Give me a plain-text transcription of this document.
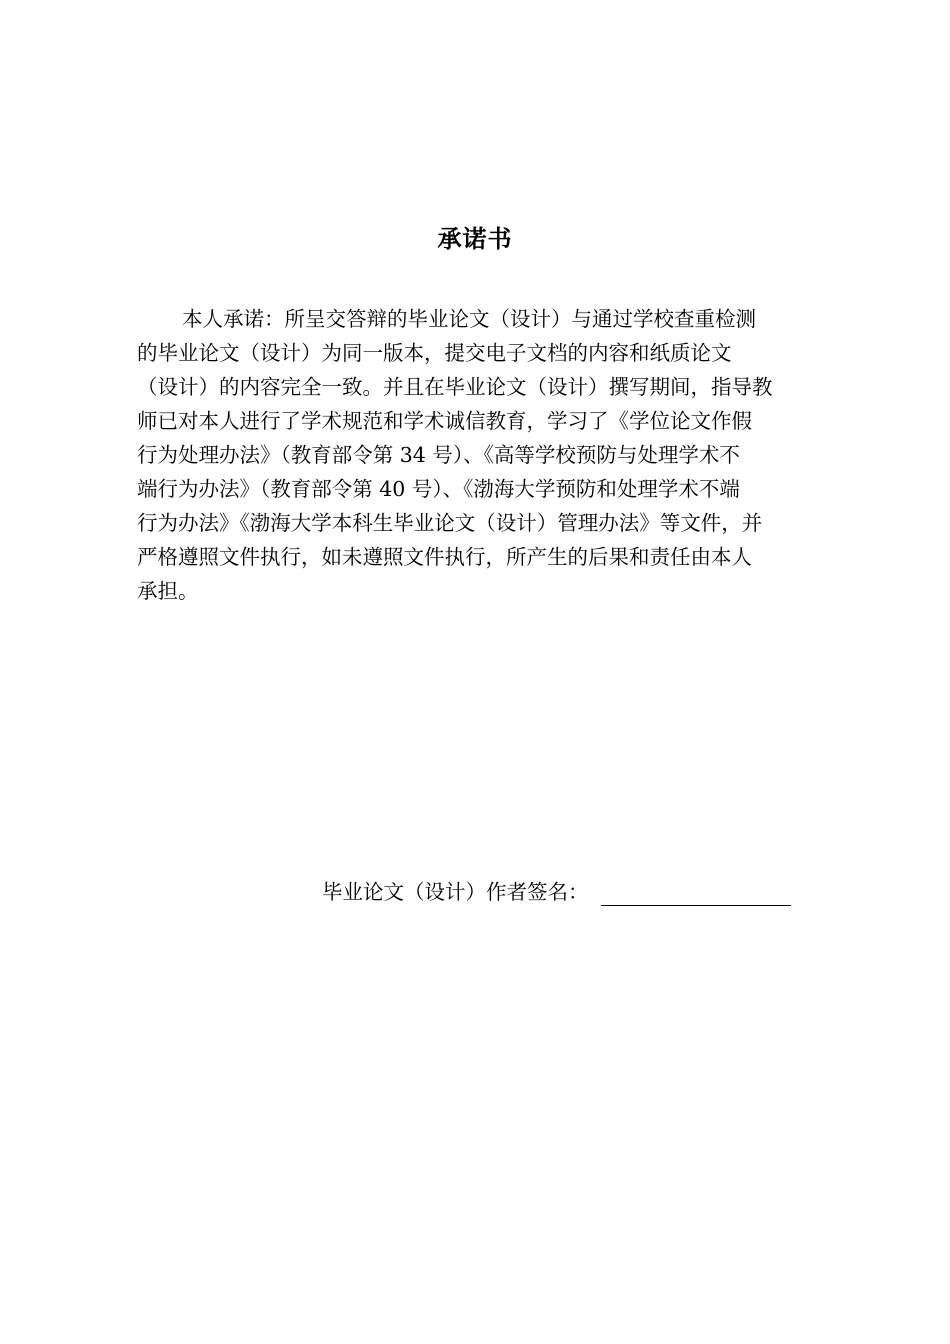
承诺书
本人承诺：所呈交答辩的毕业论文（设计）与通过学校查重检测
的毕业论文（设计）为同一版本，提交电子文档的内容和纸质论文
（设计）的内容完全一致。并且在毕业论文（设计）撰写期间，指导教
师已对本人进行了学术规范和学术诚信教育，学习了《学位论文作假
行为处理办法》（教育部令第 34 号）、《高等学校预防与处理学术不
端行为办法》（教育部令第 40 号）、《渤海大学预防和处理学术不端
行为办法》《渤海大学本科生毕业论文（设计）管理办法》等文件，并
严格遵照文件执行，如未遵照文件执行，所产生的后果和责任由本人
承担。
毕业论文（设计）作者签名：
